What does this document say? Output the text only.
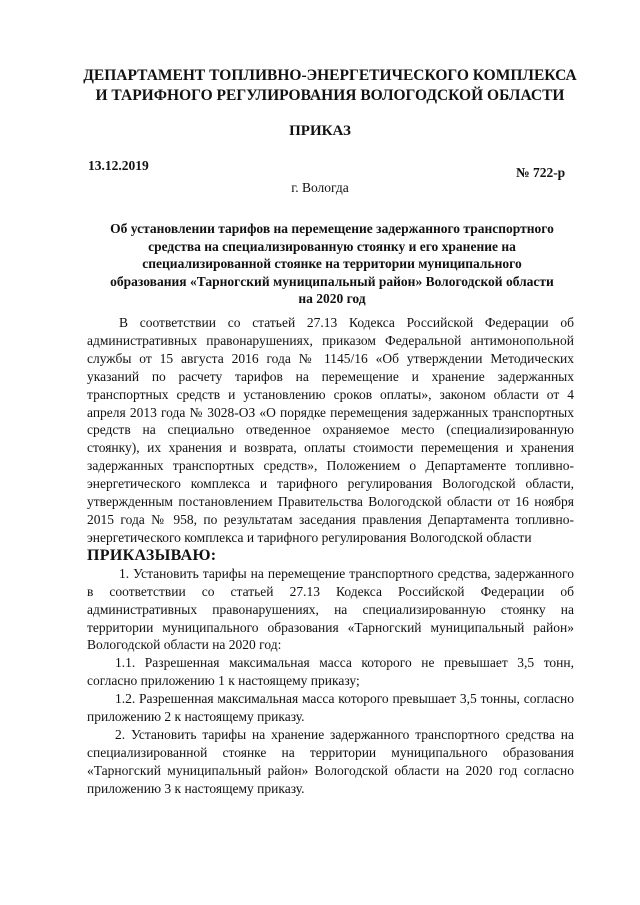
ДЕПАРТАМЕНТ ТОПЛИВНО-ЭНЕРГЕТИЧЕСКОГО КОМПЛЕКСА
И ТАРИФНОГО РЕГУЛИРОВАНИЯ ВОЛОГОДСКОЙ ОБЛАСТИ
ПРИКАЗ
13.12.2019	№ 722-р
г. Вологда
Об установлении тарифов на перемещение задержанного транспортного
средства на специализированную стоянку и его хранение на
специализированной стоянке на территории муниципального
образования «Тарногский муниципальный район» Вологодской области
на 2020 год

В соответствии со статьей 27.13 Кодекса Российской Федерации об административных правонарушениях, приказом Федеральной антимонопольной службы от 15 августа 2016 года № 1145/16 «Об утверждении Методических указаний по расчету тарифов на перемещение и хранение задержанных транспортных средств и установлению сроков оплаты», законом области от 4 апреля 2013 года № 3028-ОЗ «О порядке перемещения задержанных транспортных средств на специально отведенное охраняемое место (специализированную стоянку), их хранения и возврата, оплаты стоимости перемещения и хранения задержанных транспортных средств», Положением о Департаменте топливно-энергетического комплекса и тарифного регулирования Вологодской области, утвержденным постановлением Правительства Вологодской области от 16 ноября 2015 года № 958, по результатам заседания правления Департамента топливно-энергетического комплекса и тарифного регулирования Вологодской области

ПРИКАЗЫВАЮ:

1. Установить тарифы на перемещение транспортного средства, задержанного в соответствии со статьей 27.13 Кодекса Российской Федерации об административных правонарушениях, на специализированную стоянку на территории муниципального образования «Тарногский муниципальный район» Вологодской области на 2020 год:

1.1. Разрешенная максимальная масса которого не превышает 3,5 тонн, согласно приложению 1 к настоящему приказу;

1.2. Разрешенная максимальная масса которого превышает 3,5 тонны, согласно приложению 2 к настоящему приказу.

2. Установить тарифы на хранение задержанного транспортного средства на специализированной стоянке на территории муниципального образования «Тарногский муниципальный район» Вологодской области на 2020 год согласно приложению 3 к настоящему приказу.
